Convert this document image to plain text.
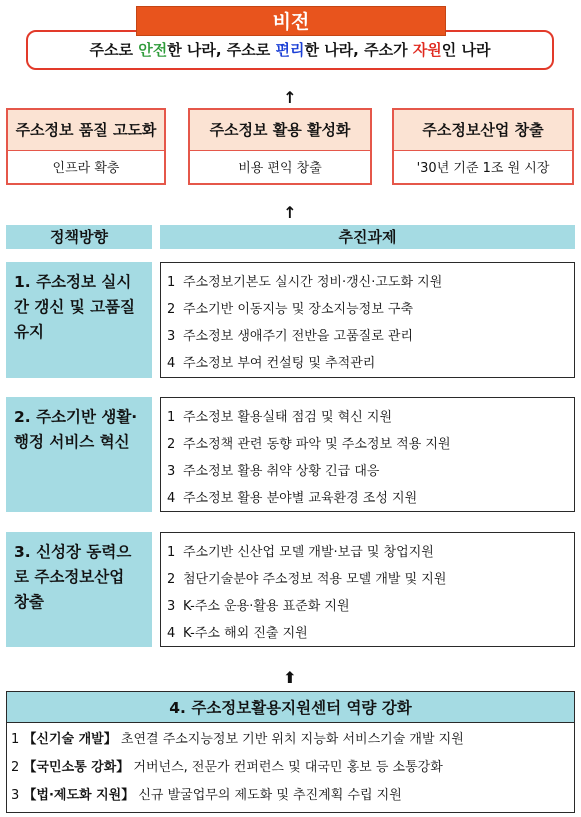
주소로 안전한 나라, 주소로 편리한 나라, 주소가 자원인 나라
비전
↑
주소정보 품질 고도화
인프라 확충
주소정보 활용 활성화
비용 편익 창출
주소정보산업 창출
'30년 기준 1조 원 시장
↑
정책방향	추진과제
1. 주소정보 실시간 갱신 및 고품질 유지
1 주소정보기본도 실시간 정비·갱신·고도화 지원
2 주소기반 이동지능 및 장소지능정보 구축
3 주소정보 생애주기 전반을 고품질로 관리
4 주소정보 부여 컨설팅 및 추적관리
2. 주소기반 생활·행정 서비스 혁신
1 주소정보 활용실태 점검 및 혁신 지원
2 주소정책 관련 동향 파악 및 주소정보 적용 지원
3 주소정보 활용 취약 상황 긴급 대응
4 주소정보 활용 분야별 교육환경 조성 지원
3. 신성장 동력으로 주소정보산업 창출
1 주소기반 신산업 모델 개발·보급 및 창업지원
2 첨단기술분야 주소정보 적용 모델 개발 및 지원
3 K-주소 운용·활용 표준화 지원
4 K-주소 해외 진출 지원
⬆
4. 주소정보활용지원센터 역량 강화
1 【신기술 개발】 초연결 주소지능정보 기반 위치 지능화 서비스기술 개발 지원
2 【국민소통 강화】 거버넌스, 전문가 컨퍼런스 및 대국민 홍보 등 소통강화
3 【법·제도화 지원】 신규 발굴업무의 제도화 및 추진계획 수립 지원
